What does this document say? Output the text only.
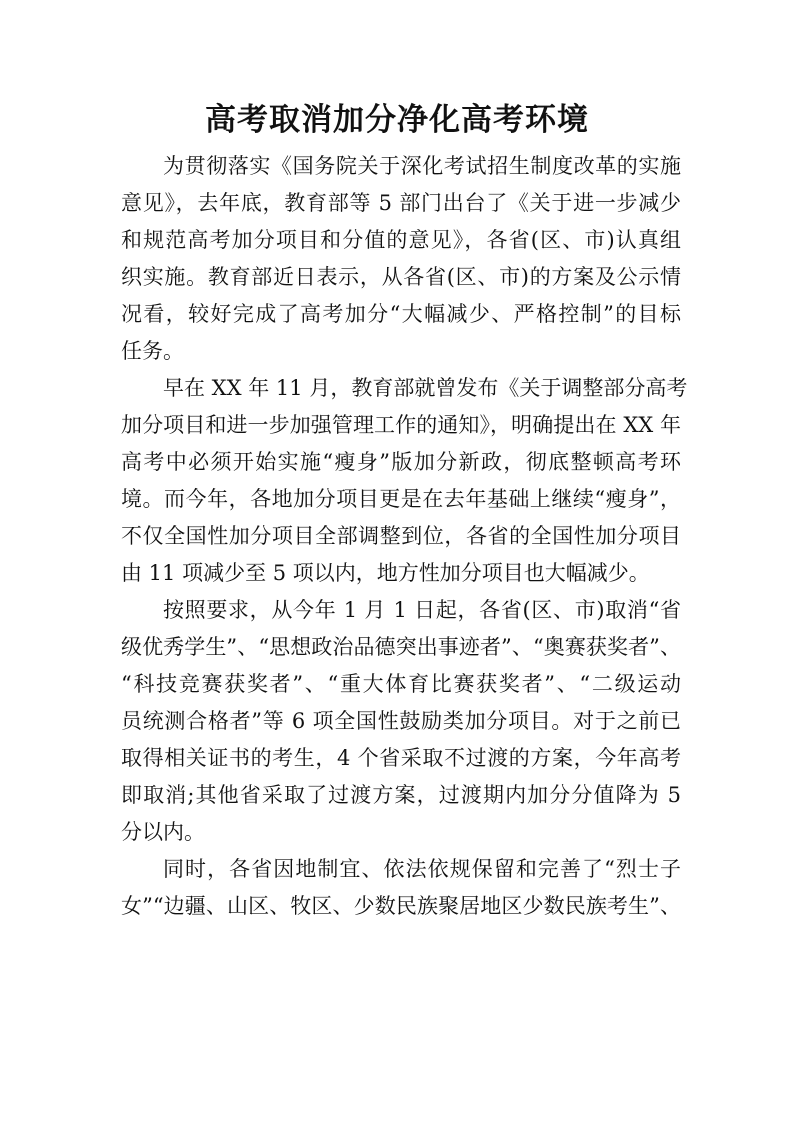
高考取消加分净化高考环境
为贯彻落实《国务院关于深化考试招生制度改革的实施
意见》，去年底，教育部等 5 部门出台了《关于进一步减少
和规范高考加分项目和分值的意见》，各省(区、市)认真组
织实施。教育部近日表示，从各省(区、市)的方案及公示情
况看，较好完成了高考加分“大幅减少、严格控制”的目标
任务。
早在 XX 年 11 月，教育部就曾发布《关于调整部分高考
加分项目和进一步加强管理工作的通知》，明确提出在 XX 年
高考中必须开始实施“瘦身”版加分新政，彻底整顿高考环
境。而今年，各地加分项目更是在去年基础上继续“瘦身”，
不仅全国性加分项目全部调整到位，各省的全国性加分项目
由 11 项减少至 5 项以内，地方性加分项目也大幅减少。
按照要求，从今年 1 月 1 日起，各省(区、市)取消“省
级优秀学生”、“思想政治品德突出事迹者”、“奥赛获奖者”、
“科技竞赛获奖者”、“重大体育比赛获奖者”、“二级运动
员统测合格者”等 6 项全国性鼓励类加分项目。对于之前已
取得相关证书的考生，4 个省采取不过渡的方案，今年高考
即取消;其他省采取了过渡方案，过渡期内加分分值降为 5
分以内。
同时，各省因地制宜、依法依规保留和完善了“烈士子
女”“边疆、山区、牧区、少数民族聚居地区少数民族考生”、
